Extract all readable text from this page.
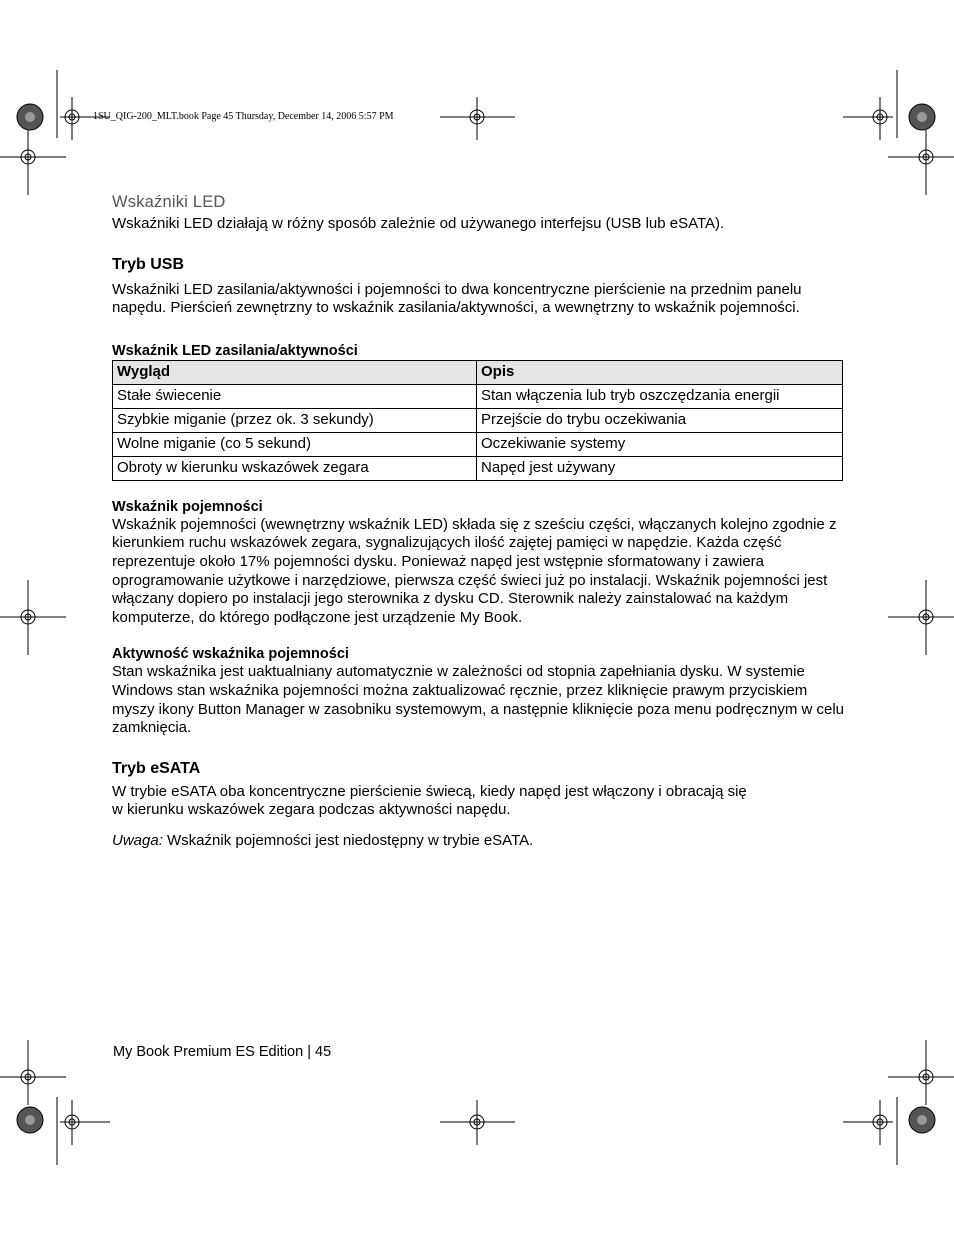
1SU_QIG-200_MLT.book Page 45 Thursday, December 14, 2006 5:57 PM
Wskaźniki LED

Wskaźniki LED działają w różny sposób zależnie od używanego interfejsu (USB lub eSATA).

Tryb USB

Wskaźniki LED zasilania/aktywności i pojemności to dwa koncentryczne pierścienie na przednim panelu napędu. Pierścień zewnętrzny to wskaźnik zasilania/aktywności, a wewnętrzny to wskaźnik pojemności.

Wskaźnik LED zasilania/aktywności
Wygląd	Opis
Stałe świecenie	Stan włączenia lub tryb oszczędzania energii
Szybkie miganie (przez ok. 3 sekundy)	Przejście do trybu oczekiwania
Wolne miganie (co 5 sekund)	Oczekiwanie systemy
Obroty w kierunku wskazówek zegara	Napęd jest używany
Wskaźnik pojemności

Wskaźnik pojemności (wewnętrzny wskaźnik LED) składa się z sześciu części, włączanych kolejno zgodnie z kierunkiem ruchu wskazówek zegara, sygnalizujących ilość zajętej pamięci w napędzie. Każda część reprezentuje około 17% pojemności dysku. Ponieważ napęd jest wstępnie sformatowany i zawiera oprogramowanie użytkowe i narzędziowe, pierwsza część świeci już po instalacji. Wskaźnik pojemności jest włączany dopiero po instalacji jego sterownika z dysku CD. Sterownik należy zainstalować na każdym komputerze, do którego podłączone jest urządzenie My Book.

Aktywność wskaźnika pojemności

Stan wskaźnika jest uaktualniany automatycznie w zależności od stopnia zapełniania dysku. W systemie Windows stan wskaźnika pojemności można zaktualizować ręcznie, przez kliknięcie prawym przyciskiem myszy ikony Button Manager w zasobniku systemowym, a następnie kliknięcie poza menu podręcznym w celu zamknięcia.

Tryb eSATA

W trybie eSATA oba koncentryczne pierścienie świecą, kiedy napęd jest włączony i obracają się
w kierunku wskazówek zegara podczas aktywności napędu.

Uwaga: Wskaźnik pojemności jest niedostępny w trybie eSATA.

My Book Premium ES Edition | 45
